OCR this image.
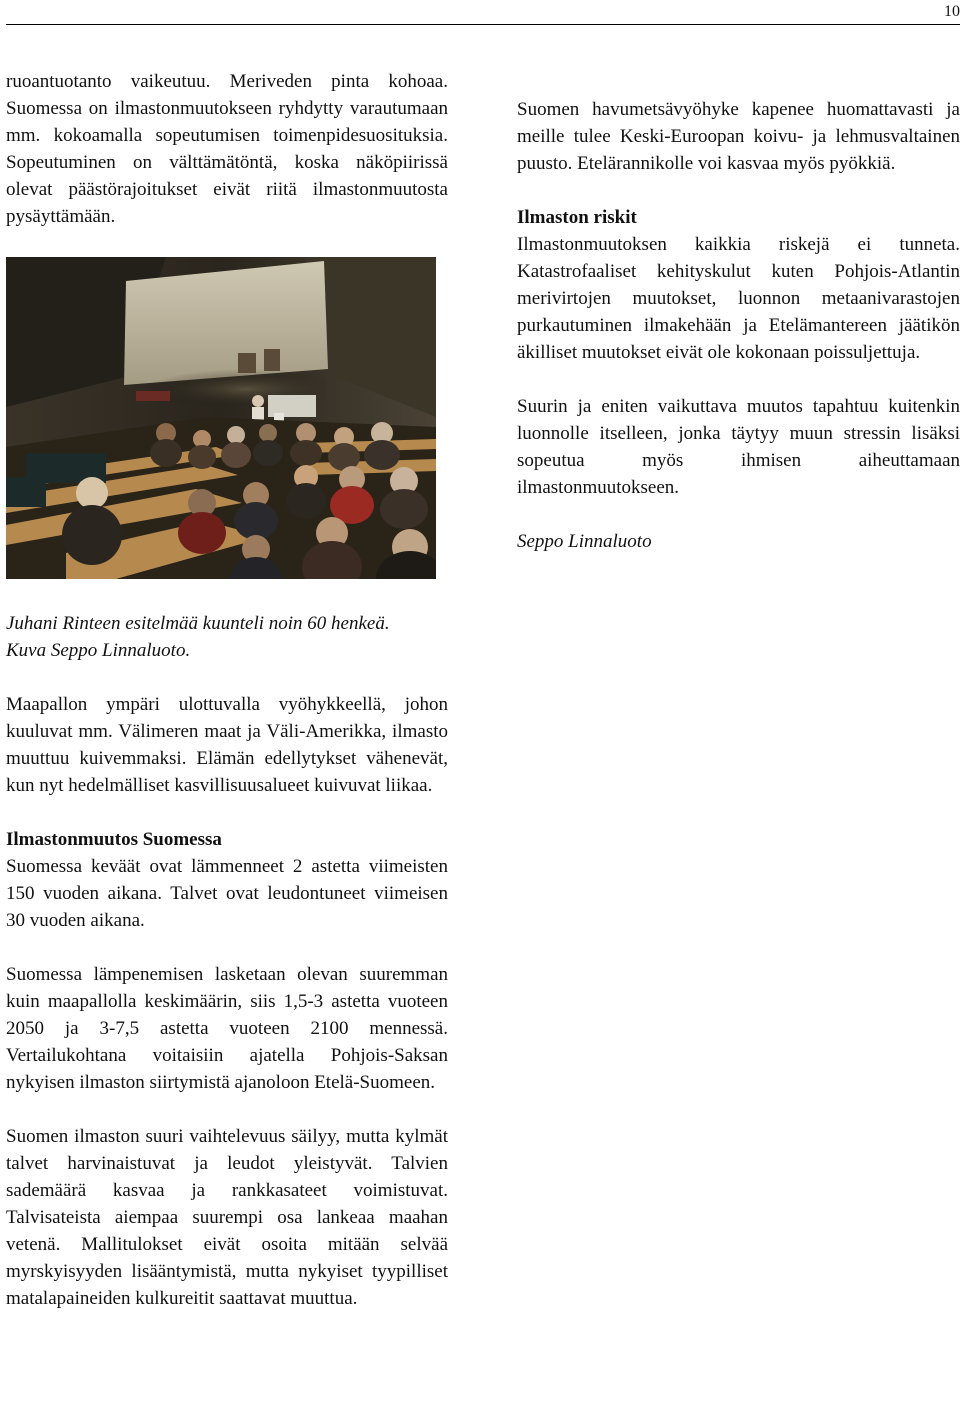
10

ruoantuotanto vaikeutuu. Meriveden pinta kohoaa. Suomessa on ilmastonmuutokseen ryhdytty varautumaan mm. kokoamalla sopeutumisen toimenpidesuosituksia. Sopeutuminen on välttämätöntä, koska näköpiirissä olevat päästörajoitukset eivät riitä ilmastonmuutosta pysäyttämään.

Juhani Rinteen esitelmää kuunteli noin 60 henkeä.
Kuva Seppo Linnaluoto.

Maapallon ympäri ulottuvalla vyöhykkeellä, johon kuuluvat mm. Välimeren maat ja Väli-Amerikka, ilmasto muuttuu kuivemmaksi. Elämän edellytykset vähenevät, kun nyt hedelmälliset kasvillisuusalueet kuivuvat liikaa.

Ilmastonmuutos Suomessa
Suomessa keväät ovat lämmenneet 2 astetta viimeisten 150 vuoden aikana. Talvet ovat leudontuneet viimeisen 30 vuoden aikana.

Suomessa lämpenemisen lasketaan olevan suuremman kuin maapallolla keskimäärin, siis 1,5-3 astetta vuoteen 2050 ja 3-7,5 astetta vuoteen 2100 mennessä. Vertailukohtana voitaisiin ajatella Pohjois-Saksan nykyisen ilmaston siirtymistä ajanoloon Etelä-Suomeen.

Suomen ilmaston suuri vaihtelevuus säilyy, mutta kylmät talvet harvinaistuvat ja leudot yleistyvät. Talvien sademäärä kasvaa ja rankkasateet voimistuvat. Talvisateista aiempaa suurempi osa lankeaa maahan vetenä. Mallitulokset eivät osoita mitään selvää myrskyisyyden lisääntymistä, mutta nykyiset tyypilliset matalapaineiden kulkureitit saattavat muuttua.

Suomen havumetsävyöhyke kapenee huomattavasti ja meille tulee Keski-Euroopan koivu- ja lehmusvaltainen puusto. Etelärannikolle voi kasvaa myös pyökkiä.

Ilmaston riskit
Ilmastonmuutoksen kaikkia riskejä ei tunneta. Katastrofaaliset kehityskulut kuten Pohjois-Atlantin merivirtojen muutokset, luonnon metaanivarastojen purkautuminen ilmakehään ja Etelämantereen jäätikön äkilliset muutokset eivät ole kokonaan poissuljettuja.

Suurin ja eniten vaikuttava muutos tapahtuu kuitenkin luonnolle itselleen, jonka täytyy muun stressin lisäksi sopeutua myös ihmisen aiheuttamaan ilmastonmuutokseen.

Seppo Linnaluoto
